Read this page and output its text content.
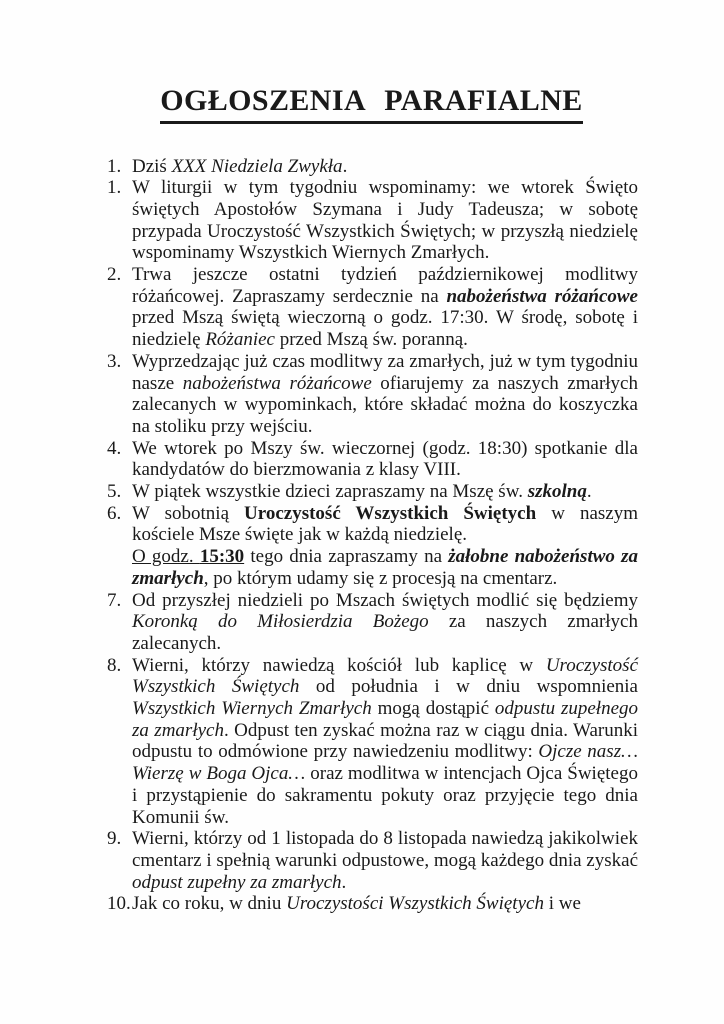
OGŁOSZENIA PARAFIALNE
1. Dziś XXX Niedziela Zwykła.

1. W liturgii w tym tygodniu wspominamy: we wtorek Święto świętych Apostołów Szymana i Judy Tadeusza; w sobotę przypada Uroczystość Wszystkich Świętych; w przyszłą niedzielę wspominamy Wszystkich Wiernych Zmarłych.

2. Trwa jeszcze ostatni tydzień październikowej modlitwy różańcowej. Zapraszamy serdecznie na nabożeństwa różańcowe przed Mszą świętą wieczorną o godz. 17:30. W środę, sobotę i niedzielę Różaniec przed Mszą św. poranną.

3. Wyprzedzając już czas modlitwy za zmarłych, już w tym tygodniu nasze nabożeństwa różańcowe ofiarujemy za naszych zmarłych zalecanych w wypominkach, które składać można do koszyczka na stoliku przy wejściu.

4. We wtorek po Mszy św. wieczornej (godz. 18:30) spotkanie dla kandydatów do bierzmowania z klasy VIII.

5. W piątek wszystkie dzieci zapraszamy na Mszę św. szkolną.

6. W sobotnią Uroczystość Wszystkich Świętych w naszym kościele Msze święte jak w każdą niedzielę.

O godz. 15:30 tego dnia zapraszamy na żałobne nabożeństwo za zmarłych, po którym udamy się z procesją na cmentarz.

7. Od przyszłej niedzieli po Mszach świętych modlić się będziemy Koronką do Miłosierdzia Bożego za naszych zmarłych zalecanych.

8. Wierni, którzy nawiedzą kościół lub kaplicę w Uroczystość Wszystkich Świętych od południa i w dniu wspomnienia Wszystkich Wiernych Zmarłych mogą dostąpić odpustu zupełnego za zmarłych. Odpust ten zyskać można raz w ciągu dnia. Warunki odpustu to odmówione przy nawiedzeniu modlitwy: Ojcze nasz… Wierzę w Boga Ojca… oraz modlitwa w intencjach Ojca Świętego i przystąpienie do sakramentu pokuty oraz przyjęcie tego dnia Komunii św.

9. Wierni, którzy od 1 listopada do 8 listopada nawiedzą jakikolwiek cmentarz i spełnią warunki odpustowe, mogą każdego dnia zyskać odpust zupełny za zmarłych.

10. Jak co roku, w dniu Uroczystości Wszystkich Świętych i we
